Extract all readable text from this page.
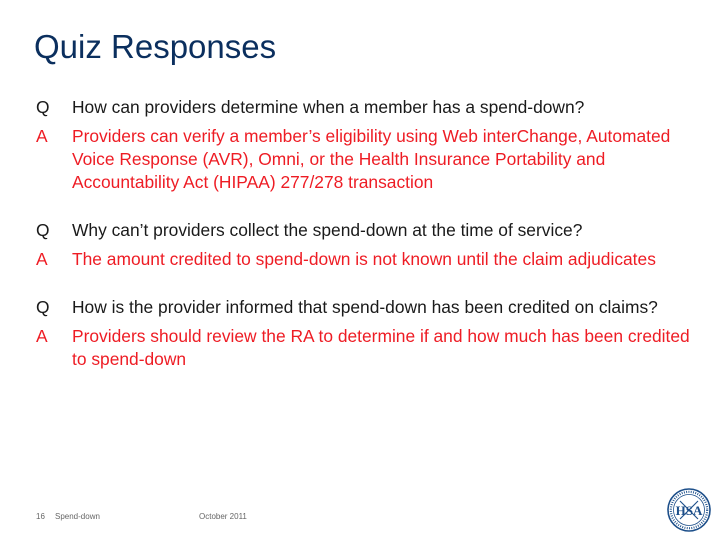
Quiz Responses
Q	How can providers determine when a member has a spend-down?
A	Providers can verify a member’s eligibility using Web interChange, Automated Voice Response (AVR), Omni, or the Health Insurance Portability and Accountability Act (HIPAA) 277/278 transaction
Q	Why can’t providers collect the spend-down at the time of service?
A	The amount credited to spend-down is not known until the claim adjudicates
Q	How is the provider informed that spend-down has been credited on claims?
A	Providers should review the RA to determine if and how much has been credited to spend-down
16 Spend-down	October 2011	HSA
